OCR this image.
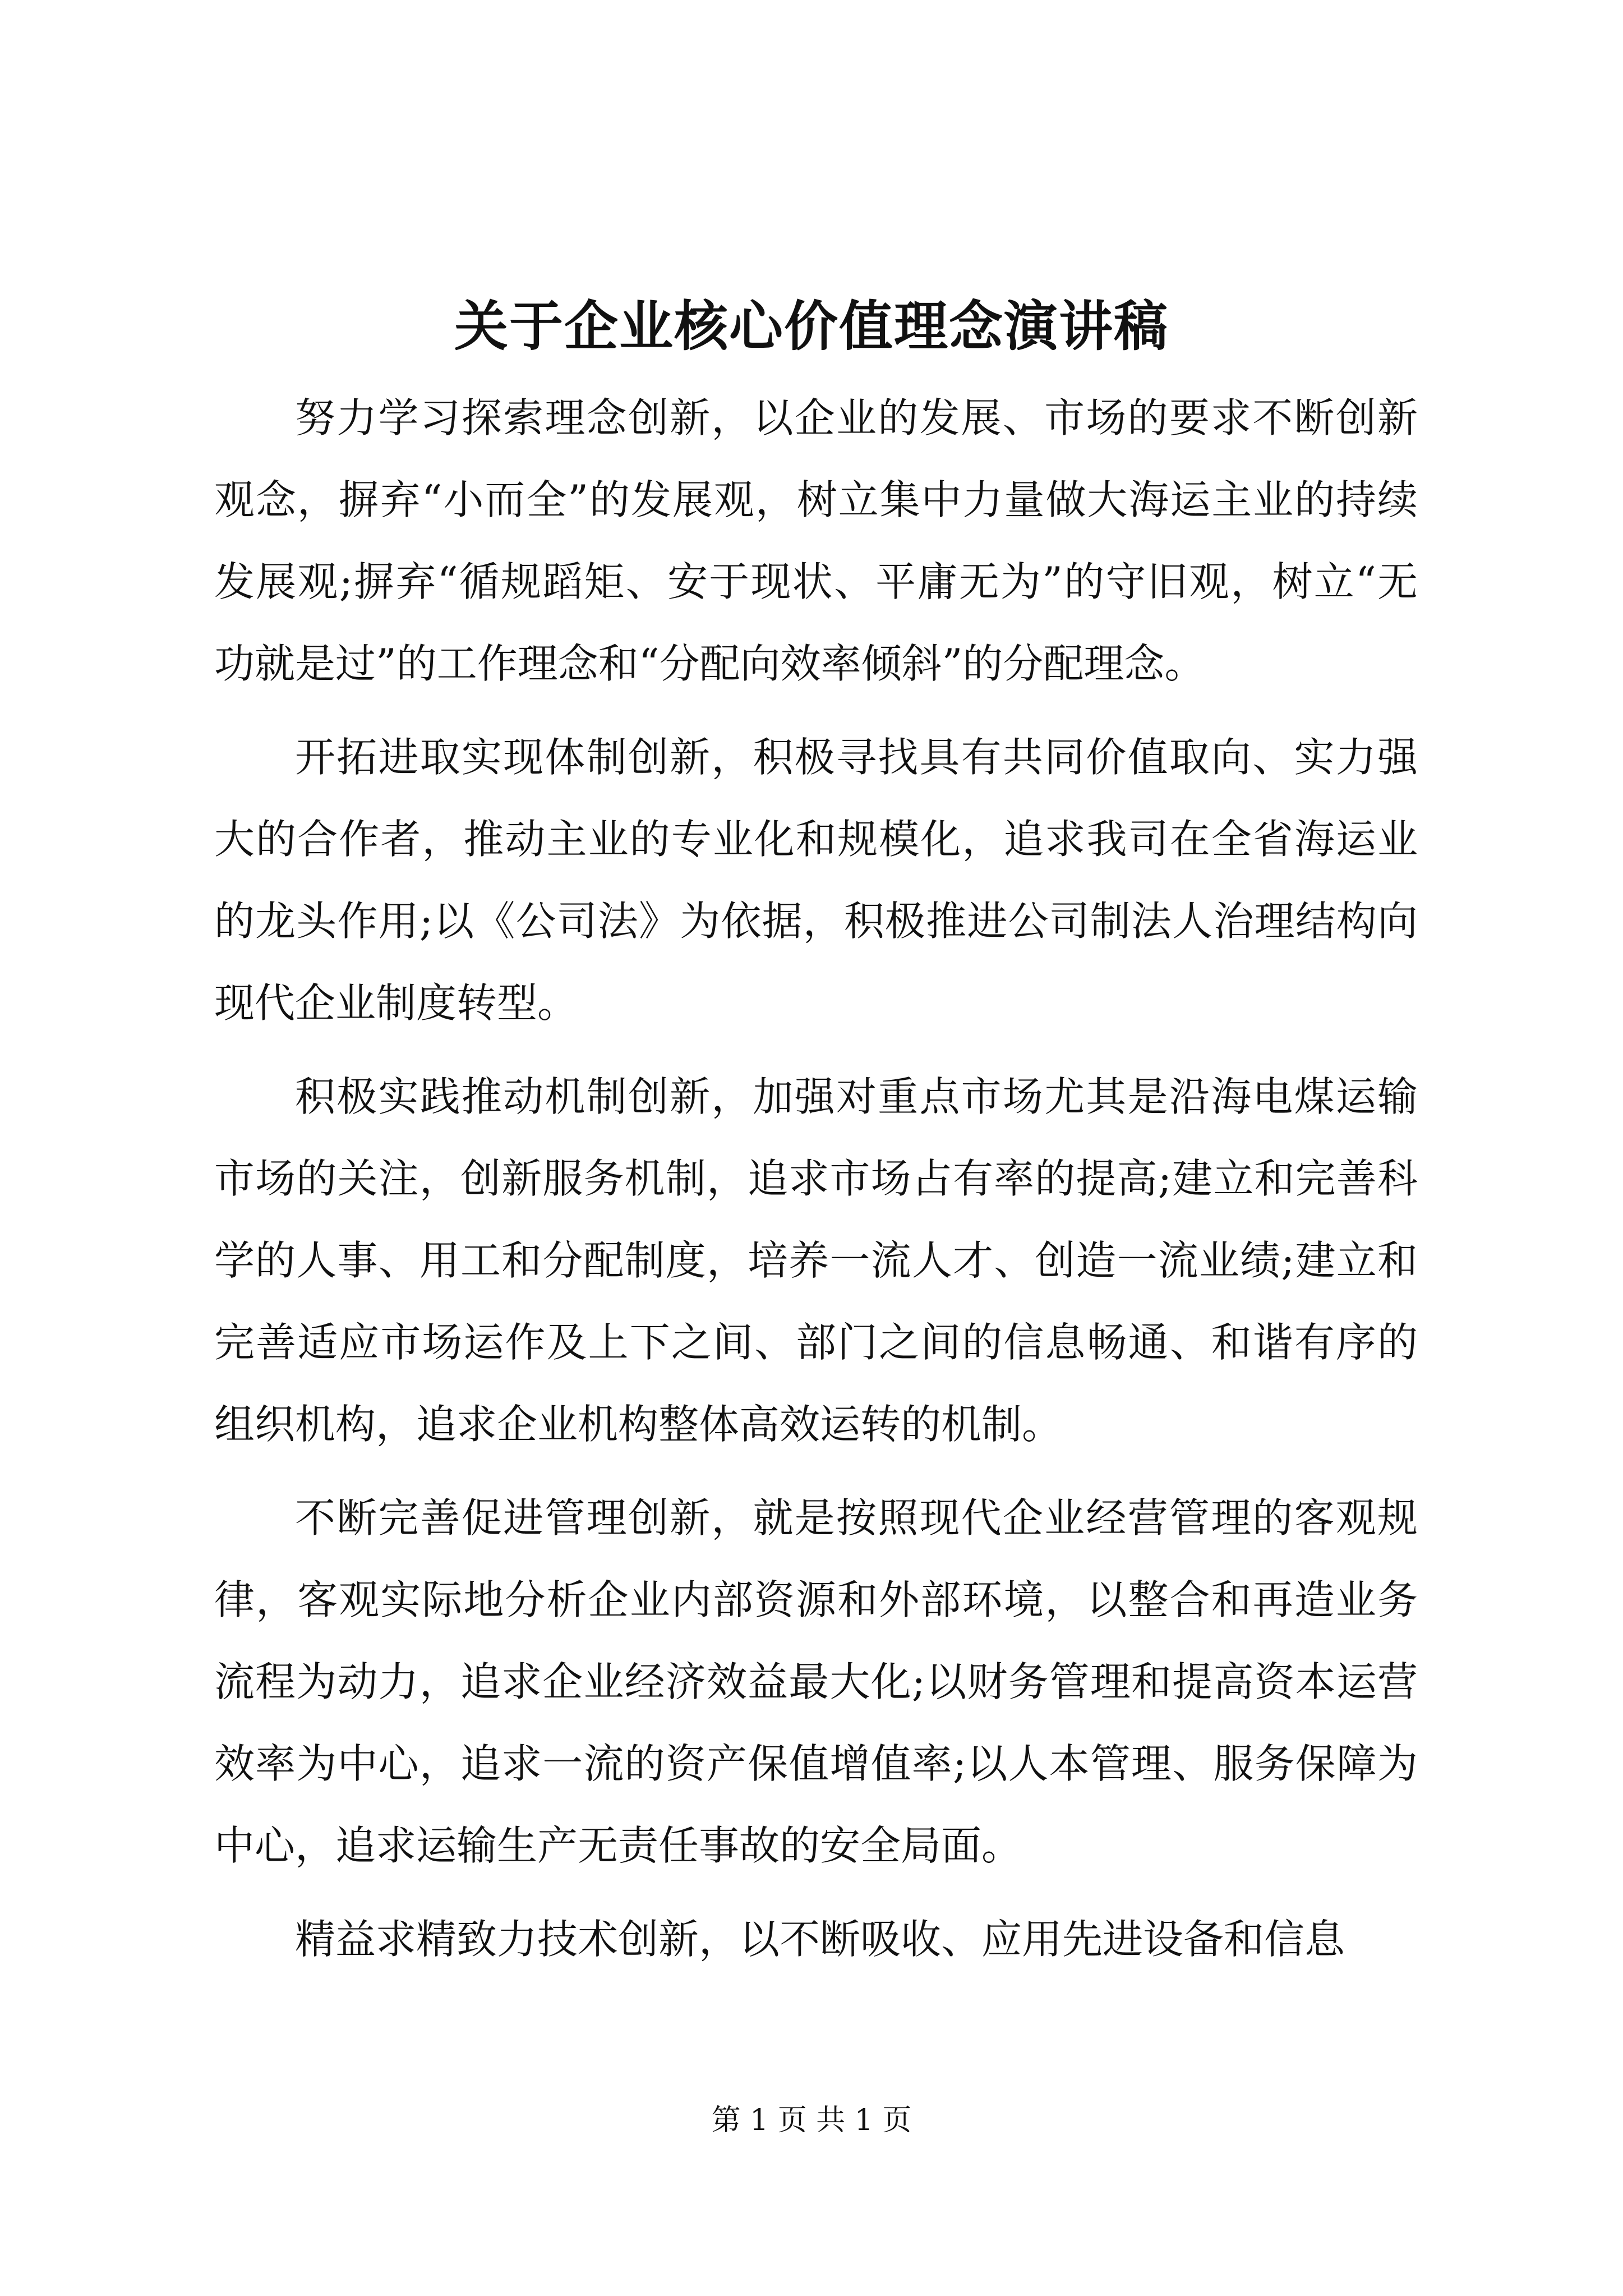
关于企业核心价值理念演讲稿

努力学习探索理念创新，以企业的发展、市场的要求不断创新观念，摒弃“小而全”的发展观，树立集中力量做大海运主业的持续发展观;摒弃“循规蹈矩、安于现状、平庸无为”的守旧观，树立“无功就是过”的工作理念和“分配向效率倾斜”的分配理念。

开拓进取实现体制创新，积极寻找具有共同价值取向、实力强大的合作者，推动主业的专业化和规模化，追求我司在全省海运业的龙头作用;以《公司法》为依据，积极推进公司制法人治理结构向现代企业制度转型。

积极实践推动机制创新，加强对重点市场尤其是沿海电煤运输市场的关注，创新服务机制，追求市场占有率的提高;建立和完善科学的人事、用工和分配制度，培养一流人才、创造一流业绩;建立和完善适应市场运作及上下之间、部门之间的信息畅通、和谐有序的组织机构，追求企业机构整体高效运转的机制。

不断完善促进管理创新，就是按照现代企业经营管理的客观规律，客观实际地分析企业内部资源和外部环境，以整合和再造业务流程为动力，追求企业经济效益最大化;以财务管理和提高资本运营效率为中心，追求一流的资产保值增值率;以人本管理、服务保障为中心，追求运输生产无责任事故的安全局面。

精益求精致力技术创新，以不断吸收、应用先进设备和信息

第 1 页 共 1 页
